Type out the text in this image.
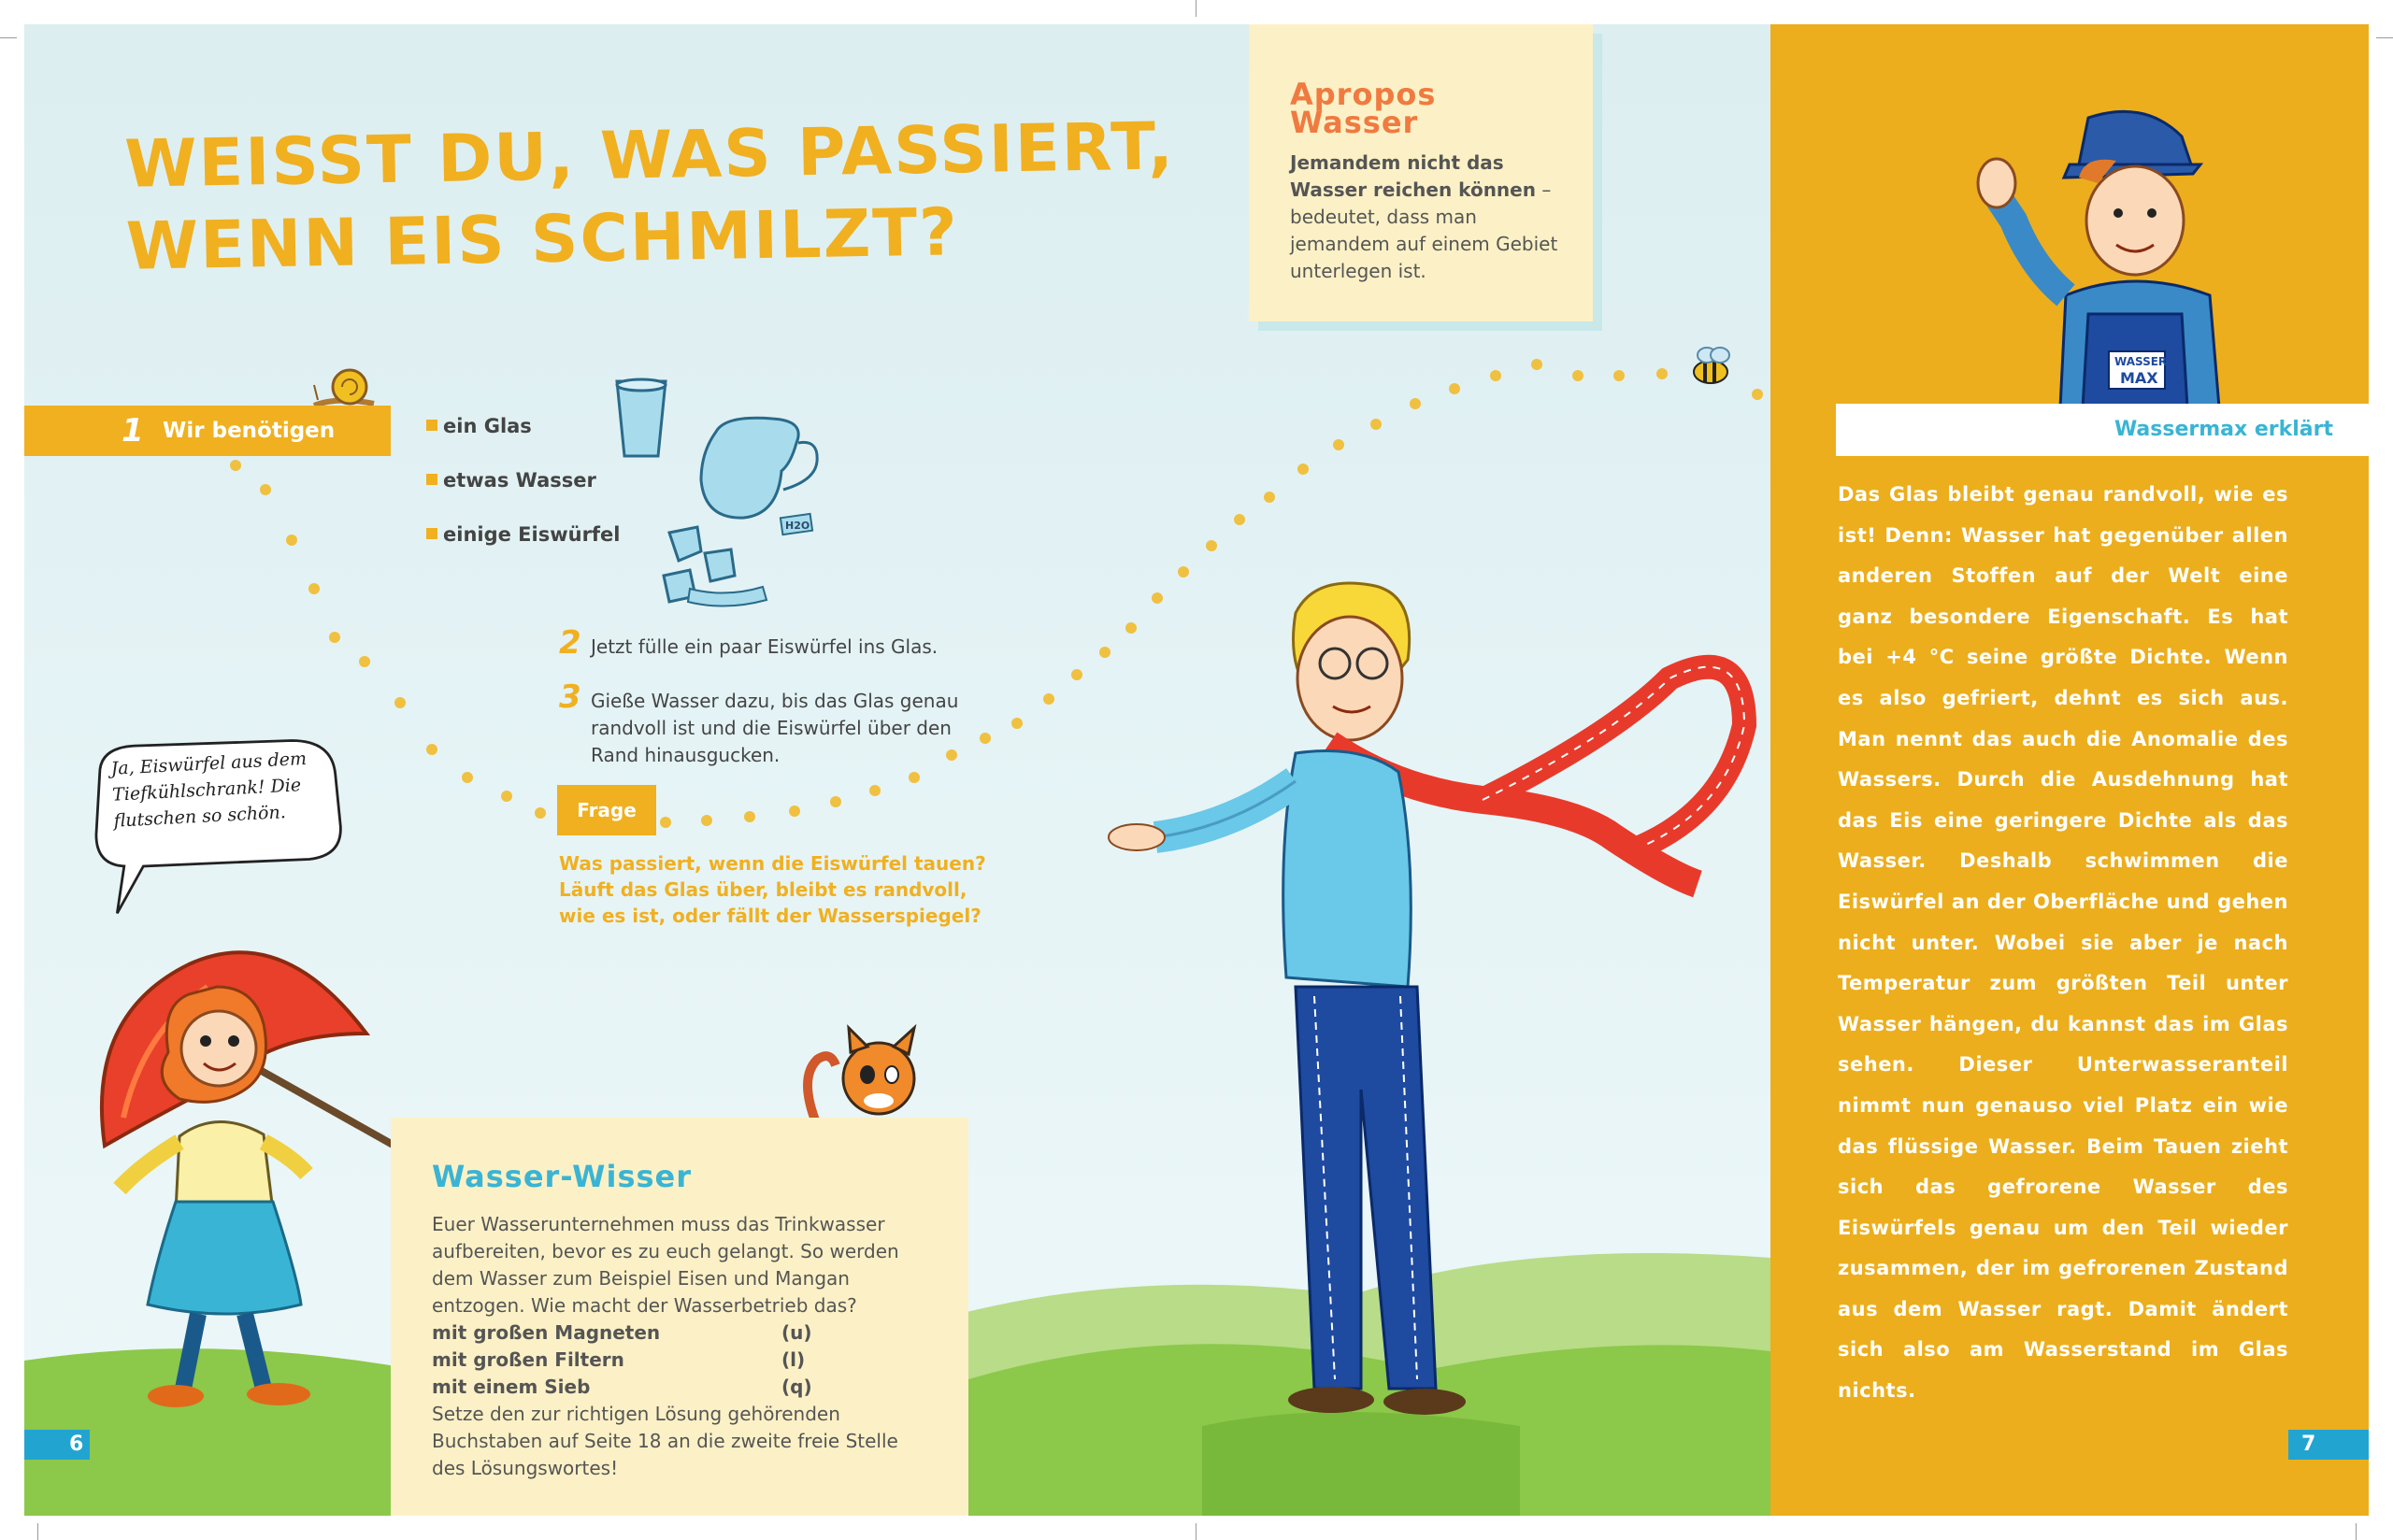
WEISST DU, WAS PASSIERT,
WENN EIS SCHMILZT?
1 Wir benötigen	ein Glas
etwas Wasser
einige Eiswürfel	H2O
2 Jetzt fülle ein paar Eiswürfel ins Glas.
3 Gieße Wasser dazu, bis das Glas genau randvoll ist und die Eiswürfel über den Rand hinausgucken.
Frage

Was passiert, wenn die Eiswürfel tauen? Läuft das Glas über, bleibt es randvoll, wie es ist, oder fällt der Wasserspiegel?

Ja, Eiswürfel aus dem Tiefkühlschrank! Die flutschen so schön.
Apropos
Wasser
Jemandem nicht das Wasser reichen können – bedeutet, dass man jemandem auf einem Gebiet unterlegen ist.
Wasser-Wisser
Euer Wasserunternehmen muss das Trinkwasser aufbereiten, bevor es zu euch gelangt. So werden dem Wasser zum Beispiel Eisen und Mangan entzogen. Wie macht der Wasserbetrieb das?
mit großen Magneten	(u)
mit großen Filtern	(l)
mit einem Sieb	(q)
Setze den zur richtigen Lösung gehörenden Buchstaben auf Seite 18 an die zweite freie Stelle des Lösungswortes!
WASSER
MAX
Wassermax erklärt

Das Glas bleibt genau randvoll, wie es ist! Denn: Wasser hat gegenüber allen anderen Stoffen auf der Welt eine ganz besondere Eigenschaft. Es hat bei +4 °C seine größte Dichte. Wenn es also gefriert, dehnt es sich aus. Man nennt das auch die Anomalie des Wassers. Durch die Ausdehnung hat das Eis eine geringere Dichte als das Wasser. Deshalb schwimmen die Eiswürfel an der Oberfläche und gehen nicht unter. Wobei sie aber je nach Temperatur zum größten Teil unter Wasser hängen, du kannst das im Glas sehen. Dieser Unterwasseranteil nimmt nun genauso viel Platz ein wie das flüssige Wasser. Beim Tauen zieht sich das gefrorene Wasser des Eiswürfels genau um den Teil wieder zusammen, der im gefrorenen Zustand aus dem Wasser ragt. Damit ändert sich also am Wasserstand im Glas nichts.

6	7
